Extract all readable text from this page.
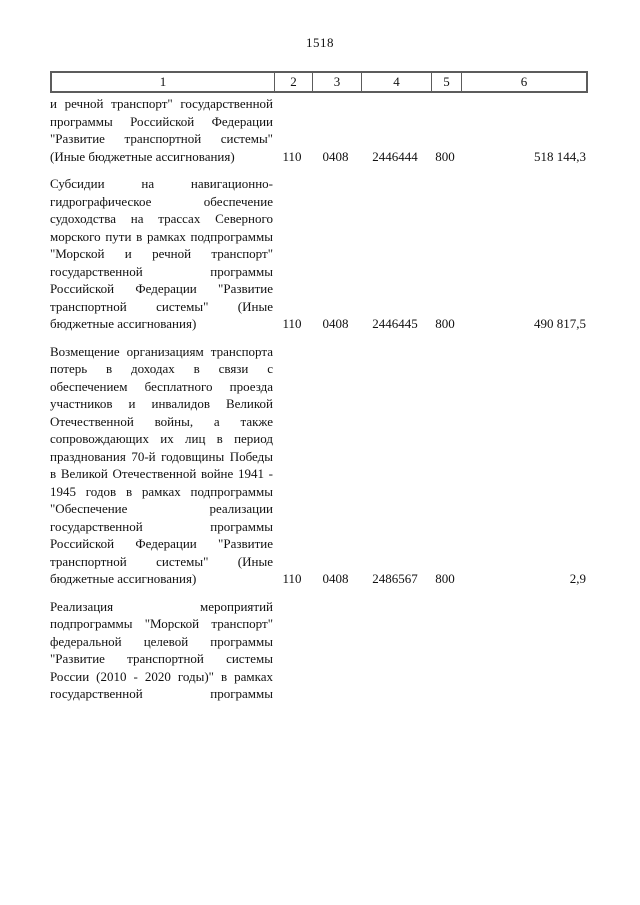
1518
1	2	3	4	5	6
и речной транспорт" государственной программы Российской Федерации "Развитие транспортной системы" (Иные бюджетные ассигнования)	110	0408	2446444	800	518 144,3
Субсидии на навигационно-гидрографическое обеспечение судоходства на трассах Северного морского пути в рамках подпрограммы "Морской и речной транспорт" государственной программы Российской Федерации "Развитие транспортной системы" (Иные бюджетные ассигнования)	110	0408	2446445	800	490 817,5
Возмещение организациям транспорта потерь в доходах в связи с обеспечением бесплатного проезда участников и инвалидов Великой Отечественной войны, а также сопровождающих их лиц в период празднования 70-й годовщины Победы в Великой Отечественной войне 1941 - 1945 годов в рамках подпрограммы "Обеспечение реализации государственной программы Российской Федерации "Развитие транспортной системы" (Иные бюджетные ассигнования)	110	0408	2486567	800	2,9
Реализация мероприятий подпрограммы "Морской транспорт" федеральной целевой программы "Развитие транспортной системы России (2010 - 2020 годы)" в рамках государственной программы
